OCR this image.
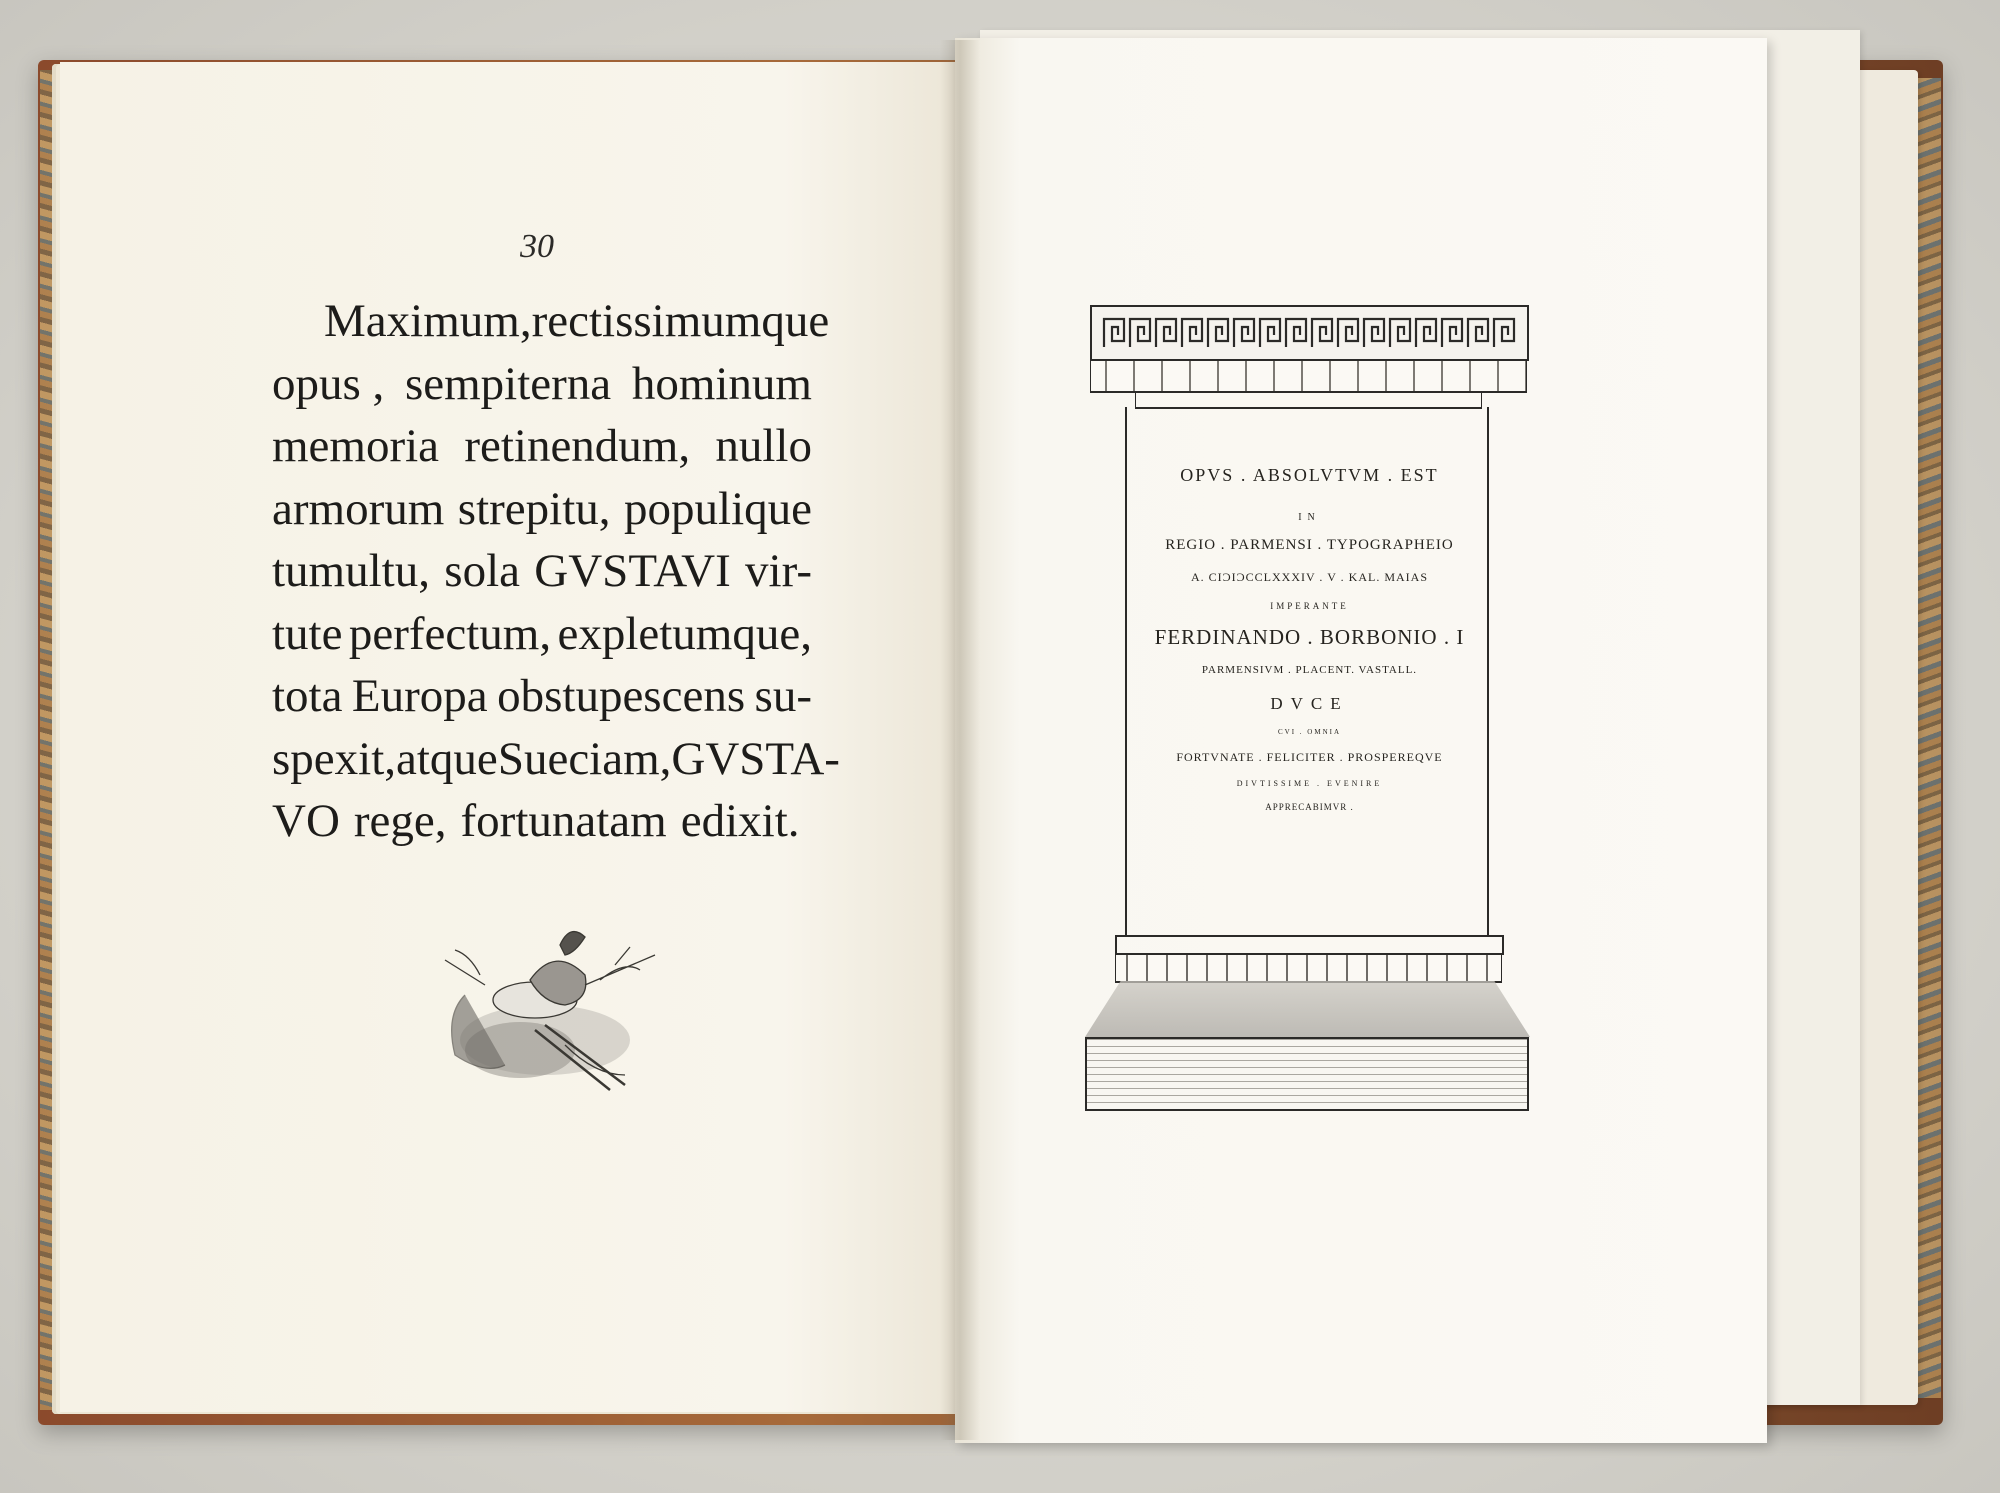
30
Maximum, rectissimumque
opus , sempiterna hominum
memoria retinendum, nullo
armorum strepitu, populique
tumultu, sola GVSTAVI vir-
tute perfectum, expletumque,
tota Europa obstupescens su-
spexit,atque Sueciam,GVSTA-
VO rege, fortunatam edixit.
OPVS . ABSOLVTVM . EST
IN
REGIO . PARMENSI . TYPOGRAPHEIO
A. CIƆIƆCCLXXXIV . V . KAL. MAIAS
IMPERANTE
FERDINANDO . BORBONIO . I
PARMENSIVM . PLACENT. VASTALL.
DVCE
CVI . OMNIA
FORTVNATE . FELICITER . PROSPEREQVE
DIVTISSIME . EVENIRE
APPRECABIMVR .
